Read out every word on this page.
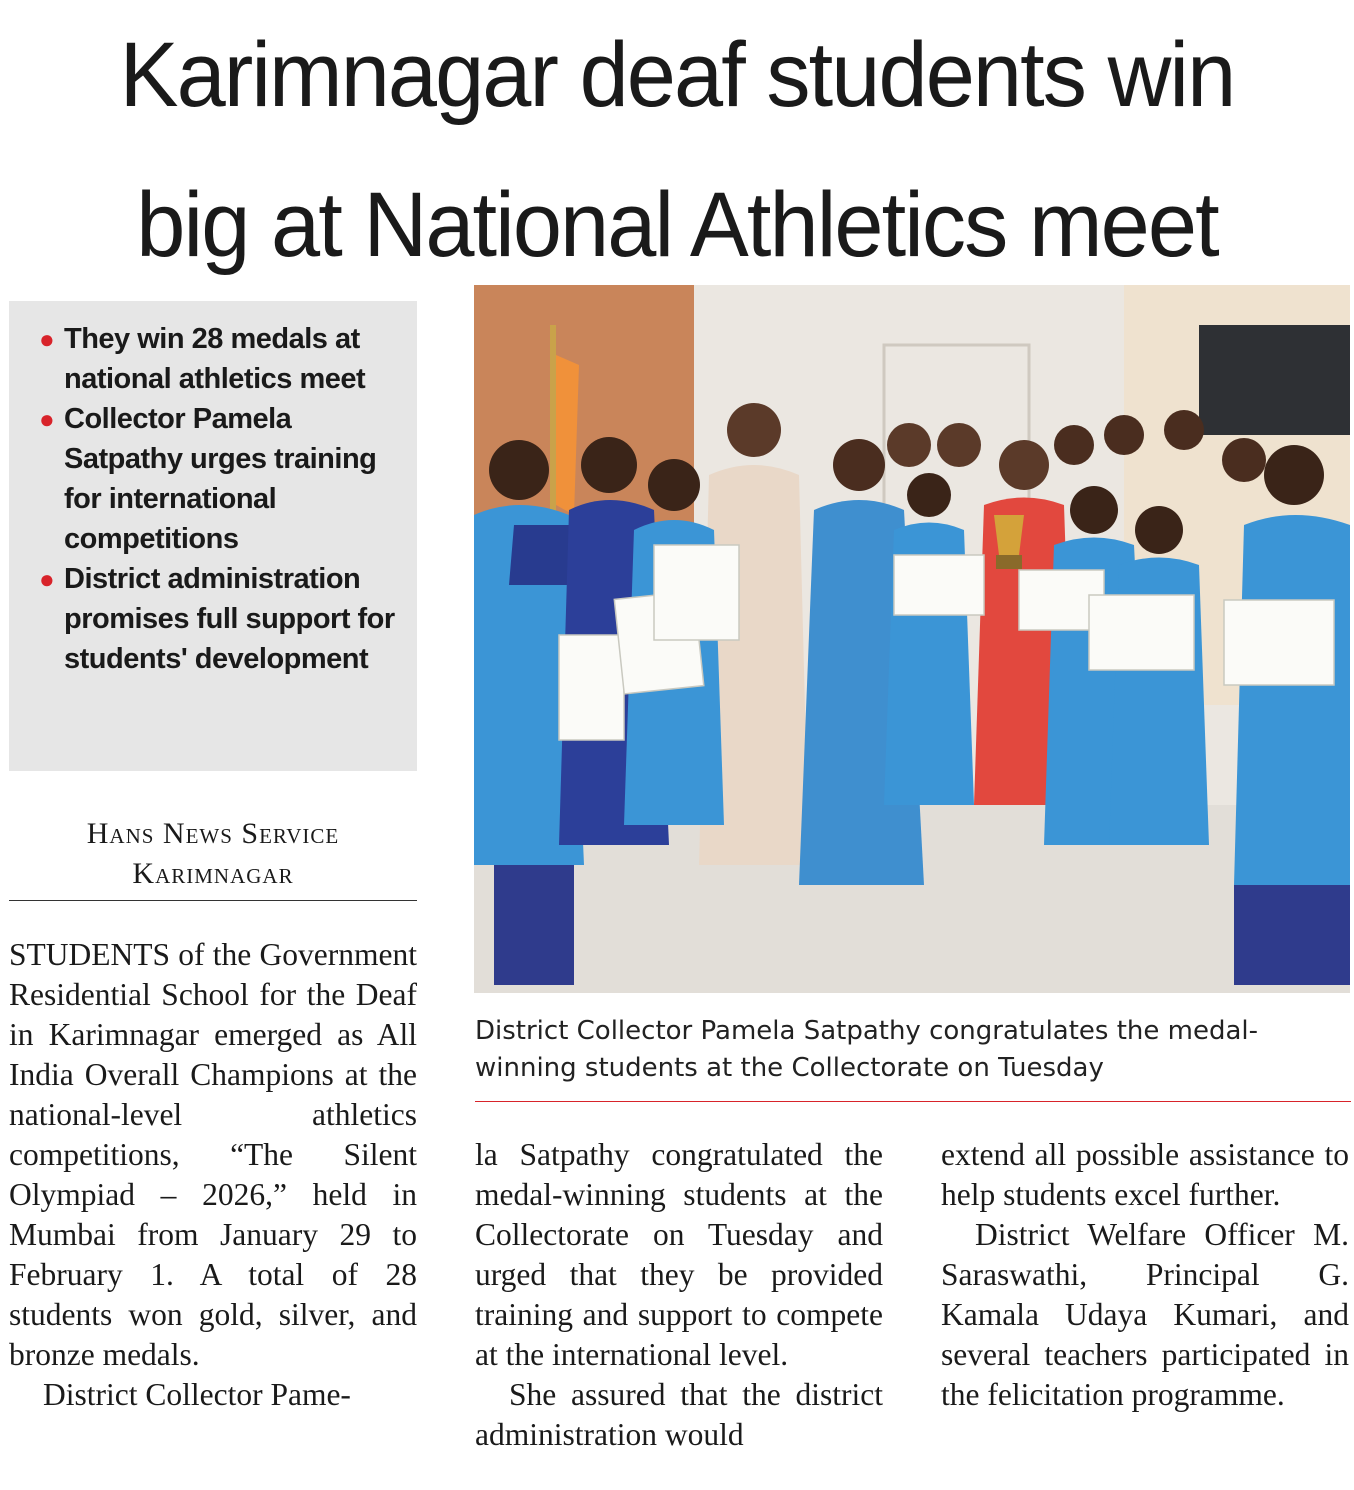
Karimnagar deaf students win
big at National Athletics meet
● They win 28 medals at national athletics meet
● Collector Pamela Satpathy urges training for international competitions
● District administration promises full support for students' development
Hans News Service
Karimnagar

STUDENTS of the Government Residential School for the Deaf in Karimnagar emerged as All India Overall Champions at the national-level athletics competitions, “The Silent Olympiad – 2026,” held in Mumbai from January 29 to February 1. A total of 28 students won gold, silver, and bronze medals.

District Collector Pame-

District Collector Pamela Satpathy congratulates the medal-winning students at the Collectorate on Tuesday

la Satpathy congratulated the medal-winning students at the Collectorate on Tuesday and urged that they be provided training and support to compete at the international level.

She assured that the district administration would

extend all possible assistance to help students excel further.

District Welfare Officer M. Saraswathi, Principal G. Kamala Udaya Kumari, and several teachers participated in the felicitation programme.
